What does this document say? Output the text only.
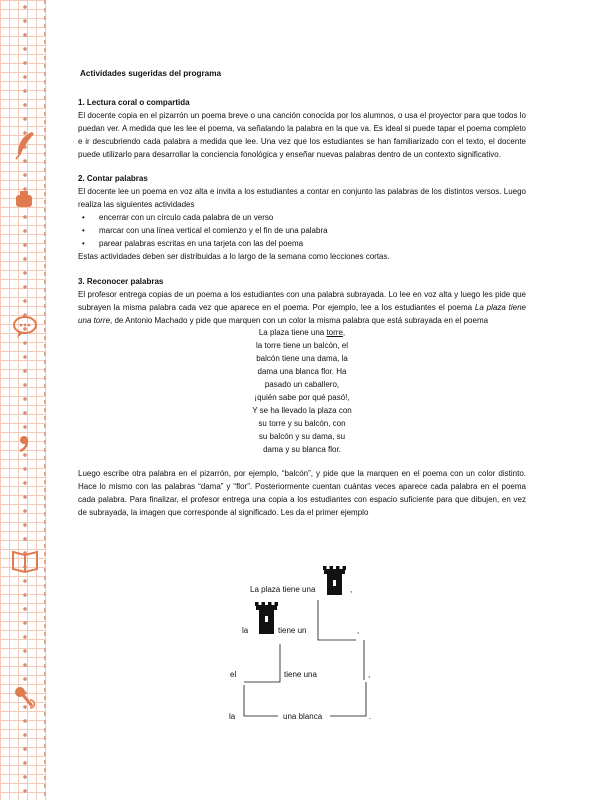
Actividades sugeridas del programa

1. Lectura coral o compartida

El docente copia en el pizarrón un poema breve o una canción conocida por los alumnos, o usa el proyector para que todos lo puedan ver. A medida que les lee el poema, va señalando la palabra en la que va. Es ideal si puede tapar el poema completo e ir descubriendo cada palabra a medida que lee. Una vez que los estudiantes se han familiarizado con el texto, el docente puede utilizarlo para desarrollar la conciencia fonológica y enseñar nuevas palabras dentro de un contexto significativo.

2. Contar palabras

El docente lee un poema en voz alta e invita a los estudiantes a contar en conjunto las palabras de los distintos versos. Luego realiza las siguientes actividades

• encerrar con un círculo cada palabra de un verso
• marcar con una línea vertical el comienzo y el fin de una palabra
• parear palabras escritas en una tarjeta con las del poema

Estas actividades deben ser distribuidas a lo largo de la semana como lecciones cortas.

3. Reconocer palabras

El profesor entrega copias de un poema a los estudiantes con una palabra subrayada. Lo lee en voz alta y luego les pide que subrayen la misma palabra cada vez que aparece en el poema. Por ejemplo, lee a los estudiantes el poema La plaza tiene una torre, de Antonio Machado y pide que marquen con un color la misma palabra que está subrayada en el poema

La plaza tiene una torre,

la torre tiene un balcón, el

balcón tiene una dama, la

dama una blanca flor. Ha

pasado un caballero,

¡quién sabe por qué pasó!,

Y se ha llevado la plaza con

su torre y su balcón, con

su balcón y su dama, su

dama y su blanca flor.

Luego escribe otra palabra en el pizarrón, por ejemplo, “balcón”, y pide que la marquen en el poema con un color distinto. Hace lo mismo con las palabras “dama” y “flor”. Posteriormente cuentan cuántas veces aparece cada palabra en el poema cada palabra. Para finalizar, el profesor entrega una copia a los estudiantes con espacio suficiente para que dibujen, en vez de subrayada, la imagen que corresponde al significado. Les da el primer ejemplo

La plaza tiene una	,
la	tiene un	,
el	tiene una	,
la	una blanca	.
